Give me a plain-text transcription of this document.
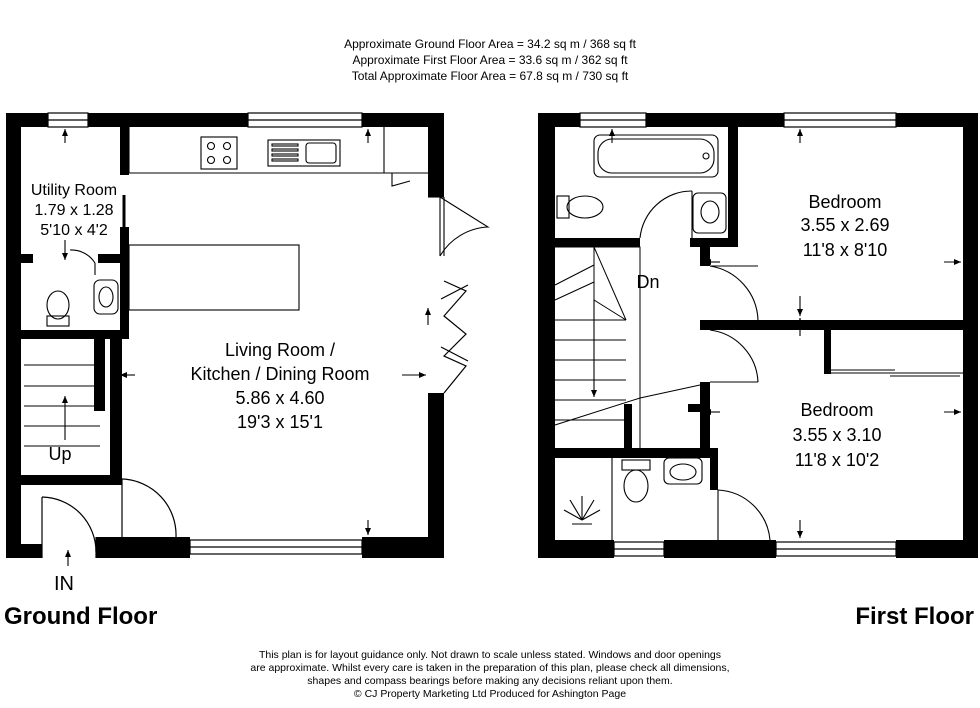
Approximate Ground Floor Area = 34.2 sq m / 368 sq ft
Approximate First Floor Area = 33.6 sq m / 362 sq ft
Total Approximate Floor Area = 67.8 sq m / 730 sq ft
Utility Room
1.79 x 1.28
5'10 x 4'2
Living Room /
Kitchen / Dining Room
5.86 x 4.60
19'3 x 15'1
Up
IN
Ground Floor
Dn
Bedroom
3.55 x 2.69
11'8 x 8'10
Bedroom
3.55 x 3.10
11'8 x 10'2
First Floor
This plan is for layout guidance only. Not drawn to scale unless stated. Windows and door openings
are approximate. Whilst every care is taken in the preparation of this plan, please check all dimensions,
shapes and compass bearings before making any decisions reliant upon them.
© CJ Property Marketing Ltd Produced for Ashington Page
